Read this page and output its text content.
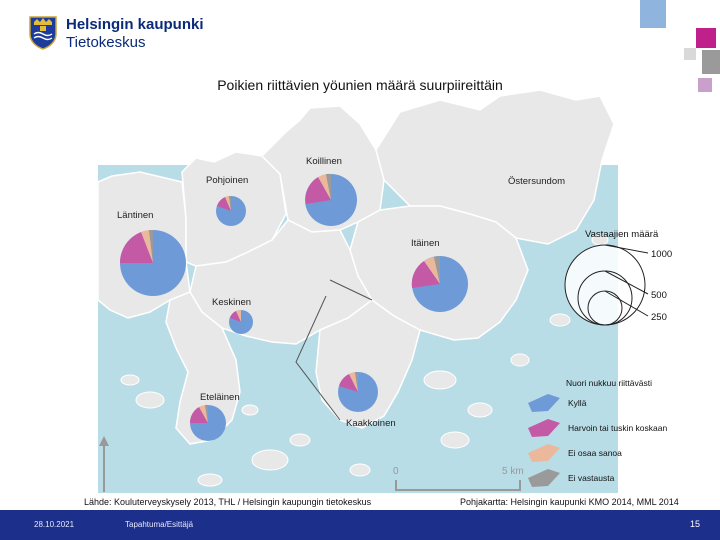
Helsingin kaupunki
Tietokeskus
Poikien riittävien yöunien määrä suurpiireittäin
Pohjoinen
Koillinen
Östersundom
Läntinen
Itäinen
Keskinen
Eteläinen
Kaakkoinen
0	5 km
Vastaajien määrä
1000
500
250
Nuori nukkuu riittävästi
Kyllä
Harvoin tai tuskin koskaan
Ei osaa sanoa
Ei vastausta
Lähde: Kouluterveyskysely 2013, THL / Helsingin kaupungin tietokeskus	Pohjakartta: Helsingin kaupunki KMO 2014, MML 2014
28.10.2021	Tapahtuma/Esittäjä	15
